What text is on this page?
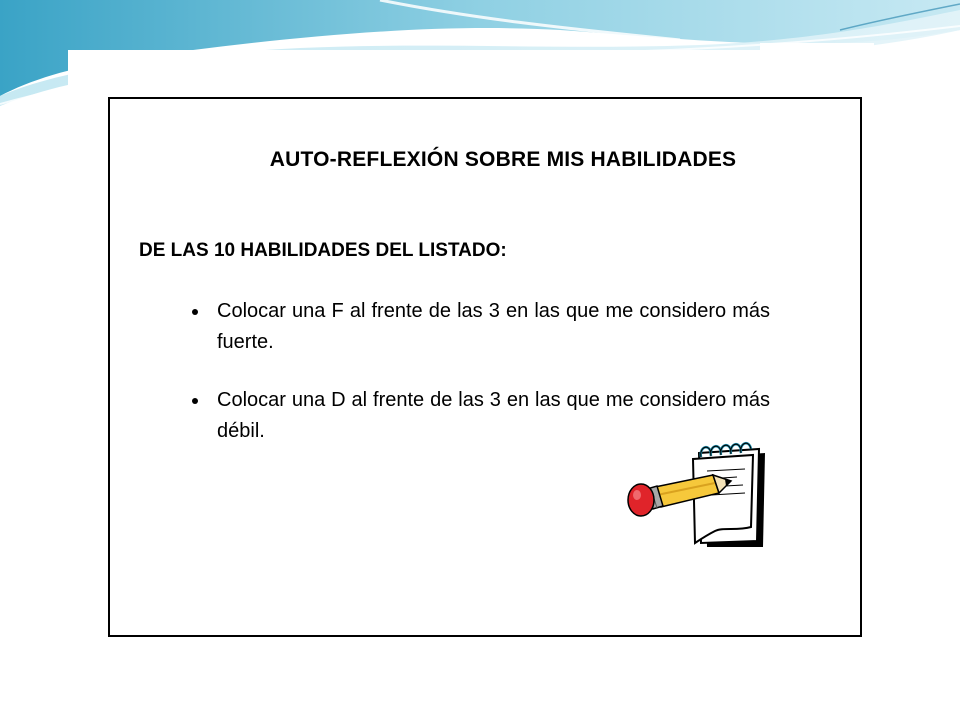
AUTO-REFLEXIÓN SOBRE MIS HABILIDADES
DE LAS 10 HABILIDADES DEL LISTADO:
Colocar una F al frente de las 3 en las que me considero más fuerte.
Colocar una D al frente de las 3 en las que me considero más débil.
